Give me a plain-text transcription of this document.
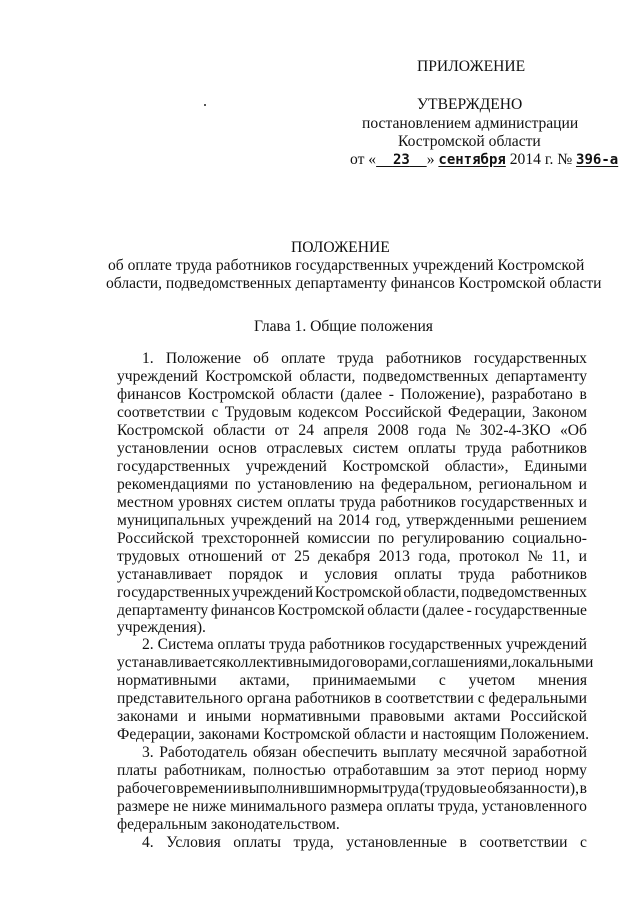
ПРИЛОЖЕНИЕ
УТВЕРЖДЕНО
постановлением администрации
Костромской области
от « 23 » сентября 2014 г. № 396-а
ПОЛОЖЕНИЕ
об оплате труда работников государственных учреждений Костромской
области, подведомственных департаменту финансов Костромской области
Глава 1. Общие положения
1. Положение об оплате труда работников государственных
учреждений Костромской области, подведомственных департаменту
финансов Костромской области (далее - Положение), разработано в
соответствии с Трудовым кодексом Российской Федерации, Законом
Костромской области от 24 апреля 2008 года № 302-4-ЗКО «Об
установлении основ отраслевых систем оплаты труда работников
государственных учреждений Костромской области», Едиными
рекомендациями по установлению на федеральном, региональном и
местном уровнях систем оплаты труда работников государственных и
муниципальных учреждений на 2014 год, утвержденными решением
Российской трехсторонней комиссии по регулированию социально-
трудовых отношений от 25 декабря 2013 года, протокол № 11, и
устанавливает порядок и условия оплаты труда работников
государственных учреждений Костромской области, подведомственных
департаменту финансов Костромской области (далее - государственные
учреждения).
2. Система оплаты труда работников государственных учреждений
устанавливается коллективными договорами, соглашениями, локальными
нормативными актами, принимаемыми с учетом мнения
представительного органа работников в соответствии с федеральными
законами и иными нормативными правовыми актами Российской
Федерации, законами Костромской области и настоящим Положением.
3. Работодатель обязан обеспечить выплату месячной заработной
платы работникам, полностью отработавшим за этот период норму
рабочего времени и выполнившим нормы труда (трудовые обязанности), в
размере не ниже минимального размера оплаты труда, установленного
федеральным законодательством.
4. Условия оплаты труда, установленные в соответствии с
